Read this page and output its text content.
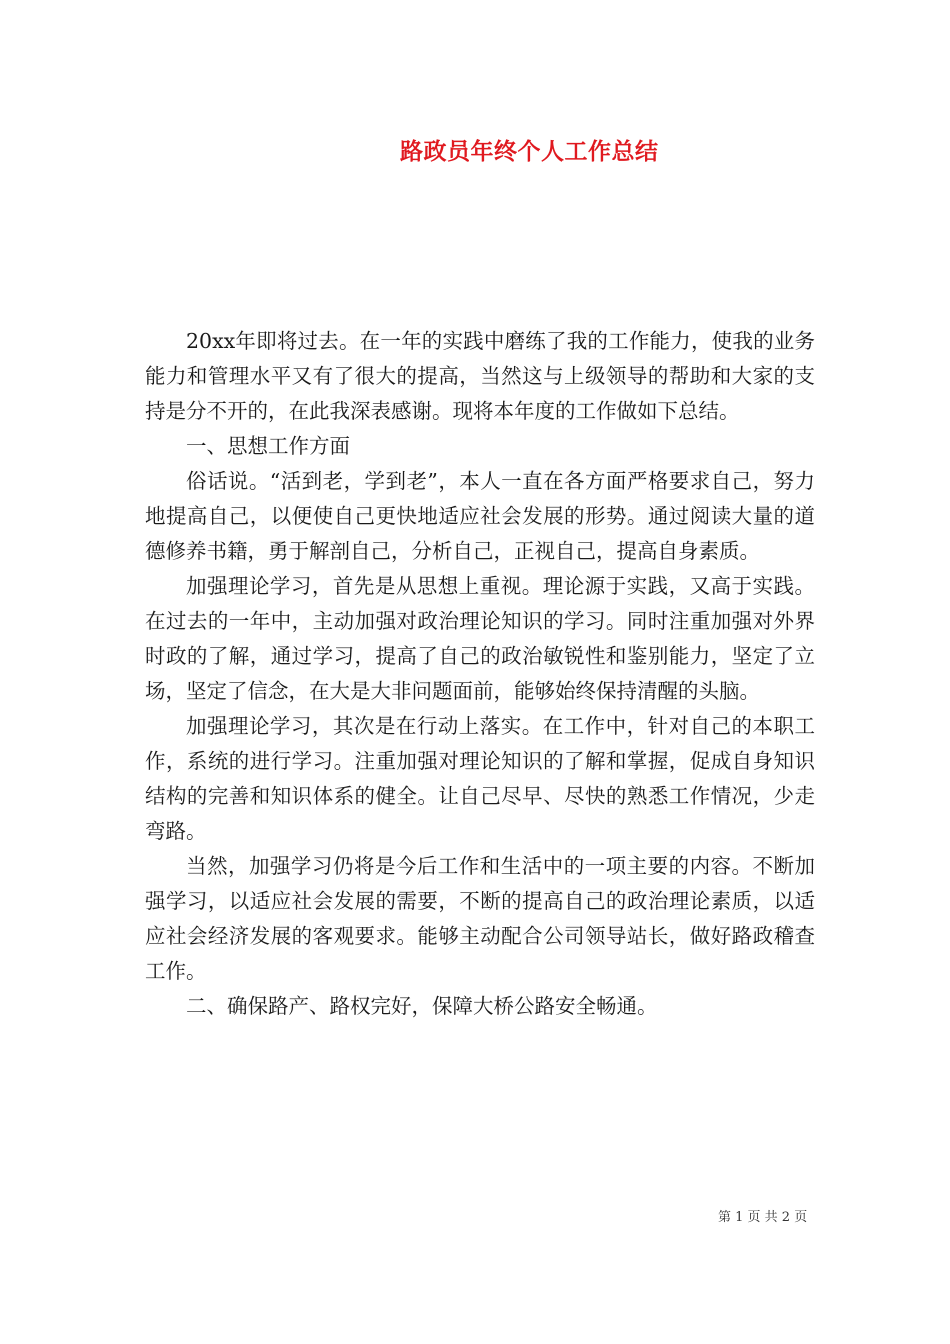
路政员年终个人工作总结

20xx年即将过去。在一年的实践中磨练了我的工作能力，使我的业务能力和管理水平又有了很大的提高，当然这与上级领导的帮助和大家的支持是分不开的，在此我深表感谢。现将本年度的工作做如下总结。

一、思想工作方面

俗话说。“活到老，学到老”，本人一直在各方面严格要求自己，努力地提高自己，以便使自己更快地适应社会发展的形势。通过阅读大量的道德修养书籍，勇于解剖自己，分析自己，正视自己，提高自身素质。

加强理论学习，首先是从思想上重视。理论源于实践，又高于实践。在过去的一年中，主动加强对政治理论知识的学习。同时注重加强对外界时政的了解，通过学习，提高了自己的政治敏锐性和鉴别能力，坚定了立场，坚定了信念，在大是大非问题面前，能够始终保持清醒的头脑。

加强理论学习，其次是在行动上落实。在工作中，针对自己的本职工作，系统的进行学习。注重加强对理论知识的了解和掌握，促成自身知识结构的完善和知识体系的健全。让自己尽早、尽快的熟悉工作情况，少走弯路。

当然，加强学习仍将是今后工作和生活中的一项主要的内容。不断加强学习，以适应社会发展的需要，不断的提高自己的政治理论素质，以适应社会经济发展的客观要求。能够主动配合公司领导站长，做好路政稽查工作。

二、确保路产、路权完好，保障大桥公路安全畅通。

第 1 页 共 2 页
